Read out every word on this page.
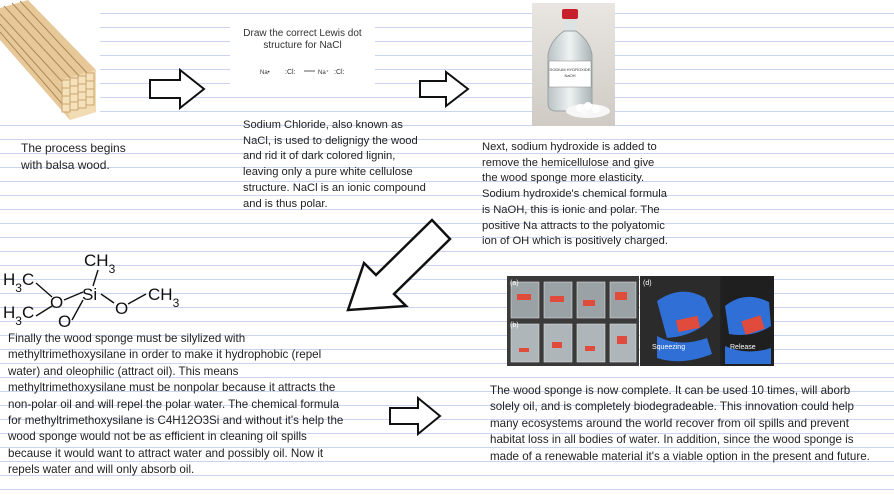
The process begins with balsa wood.
Draw the correct Lewis dot structure for NaCl
Na• :Cl:	Na⁺ :Cl:
Sodium Chloride, also known as NaCl, is used to delignigy the wood and rid it of dark colored lignin, leaving only a pure white cellulose structure. NaCl is an ionic compound and is thus polar.
SODIUM HYDROXIDE
NaOH
Next, sodium hydroxide is added to remove the hemicellulose and give the wood sponge more elasticity. Sodium hydroxide's chemical formula is NaOH, this is ionic and polar. The positive Na attracts to the polyatomic ion of OH which is positively charged.
$CH_3$
$H_3C$
O Si
O
$CH_3$
$H_3C$ O
Finally the wood sponge must be silylized with methyltrimethoxysilane in order to make it hydrophobic (repel water) and oleophilic (attract oil). This means methyltrimethoxysilane must be nonpolar because it attracts the non-polar oil and will repel the polar water. The chemical formula for methyltrimethoxysilane is C4H12O3Si and without it's help the wood sponge would not be as efficient in cleaning oil spills because it would want to attract water and possibly oil. Now it repels water and will only absorb oil.
(a)
(b)
(d)
Squeezing	Release
The wood sponge is now complete. It can be used 10 times, will aborb solely oil, and is completely biodegradeable. This innovation could help many ecosystems around the world recover from oil spills and prevent habitat loss in all bodies of water. In addition, since the wood sponge is made of a renewable material it's a viable option in the present and future.
